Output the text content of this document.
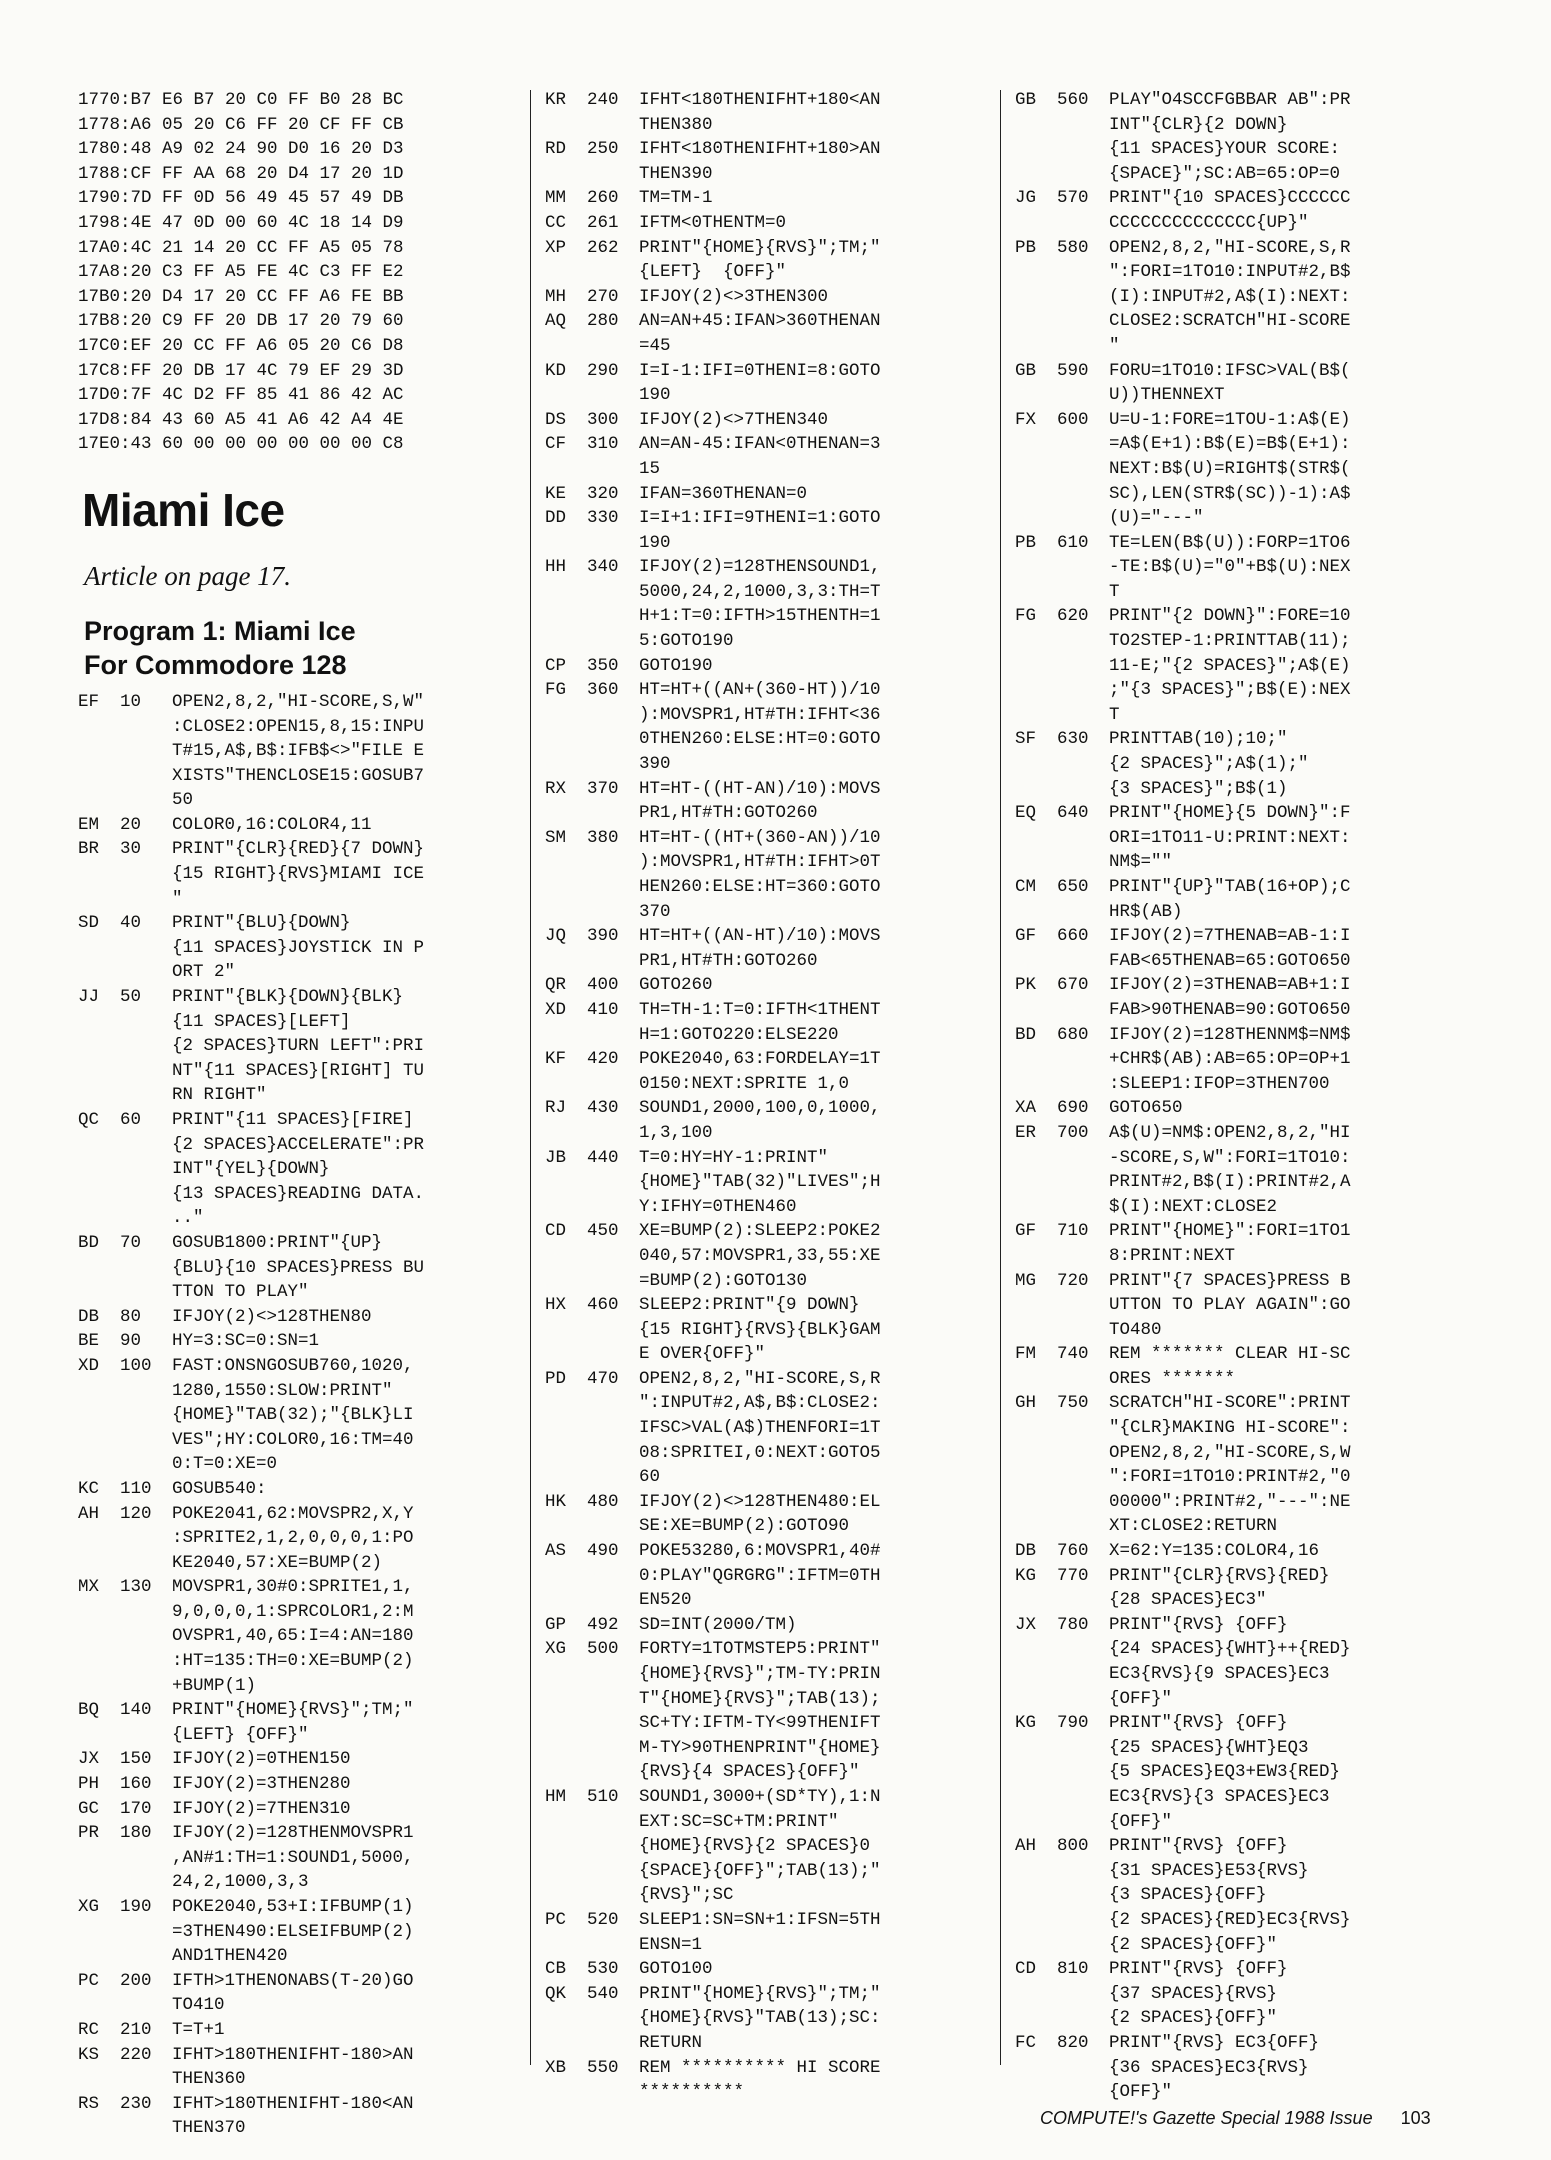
1770:B7 E6 B7 20 C0 FF B0 28 BC
1778:A6 05 20 C6 FF 20 CF FF CB
1780:48 A9 02 24 90 D0 16 20 D3
1788:CF FF AA 68 20 D4 17 20 1D
1790:7D FF 0D 56 49 45 57 49 DB
1798:4E 47 0D 00 60 4C 18 14 D9
17A0:4C 21 14 20 CC FF A5 05 78
17A8:20 C3 FF A5 FE 4C C3 FF E2
17B0:20 D4 17 20 CC FF A6 FE BB
17B8:20 C9 FF 20 DB 17 20 79 60
17C0:EF 20 CC FF A6 05 20 C6 D8
17C8:FF 20 DB 17 4C 79 EF 29 3D
17D0:7F 4C D2 FF 85 41 86 42 AC
17D8:84 43 60 A5 41 A6 42 A4 4E
17E0:43 60 00 00 00 00 00 00 C8
Miami Ice
Article on page 17.
Program 1: Miami Ice
For Commodore 128
EF	10	OPEN2,8,2,"HI-SCORE,S,W"
:CLOSE2:OPEN15,8,15:INPU
T#15,A$,B$:IFB$<>"FILE E
XISTS"THENCLOSE15:GOSUB7
50
EM	20	COLOR0,16:COLOR4,11
BR	30	PRINT"{CLR}{RED}{7 DOWN}
{15 RIGHT}{RVS}MIAMI ICE
"
SD	40	PRINT"{BLU}{DOWN}
{11 SPACES}JOYSTICK IN P
ORT 2"
JJ	50	PRINT"{BLK}{DOWN}{BLK}
{11 SPACES}[LEFT]
{2 SPACES}TURN LEFT":PRI
NT"{11 SPACES}[RIGHT] TU
RN RIGHT"
QC	60	PRINT"{11 SPACES}[FIRE]
{2 SPACES}ACCELERATE":PR
INT"{YEL}{DOWN}
{13 SPACES}READING DATA.
.."
BD	70	GOSUB1800:PRINT"{UP}
{BLU}{10 SPACES}PRESS BU
TTON TO PLAY"
DB	80	IFJOY(2)<>128THEN80
BE	90	HY=3:SC=0:SN=1
XD	100	FAST:ONSNGOSUB760,1020,
1280,1550:SLOW:PRINT"
{HOME}"TAB(32);"{BLK}LI
VES";HY:COLOR0,16:TM=40
0:T=0:XE=0
KC	110	GOSUB540:
AH	120	POKE2041,62:MOVSPR2,X,Y
:SPRITE2,1,2,0,0,0,1:PO
KE2040,57:XE=BUMP(2)
MX	130	MOVSPR1,30#0:SPRITE1,1,
9,0,0,0,1:SPRCOLOR1,2:M
OVSPR1,40,65:I=4:AN=180
:HT=135:TH=0:XE=BUMP(2)
+BUMP(1)
BQ	140	PRINT"{HOME}{RVS}";TM;"
{LEFT} {OFF}"
JX	150	IFJOY(2)=0THEN150
PH	160	IFJOY(2)=3THEN280
GC	170	IFJOY(2)=7THEN310
PR	180	IFJOY(2)=128THENMOVSPR1
,AN#1:TH=1:SOUND1,5000,
24,2,1000,3,3
XG	190	POKE2040,53+I:IFBUMP(1)
=3THEN490:ELSEIFBUMP(2)
AND1THEN420
PC	200	IFTH>1THENONABS(T-20)GO
TO410
RC	210	T=T+1
KS	220	IFHT>180THENIFHT-180>AN
THEN360
RS	230	IFHT>180THENIFHT-180<AN
THEN370
KR	240	IFHT<180THENIFHT+180<AN
THEN380
RD	250	IFHT<180THENIFHT+180>AN
THEN390
MM	260	TM=TM-1
CC	261	IFTM<0THENTM=0
XP	262	PRINT"{HOME}{RVS}";TM;"
{LEFT}  {OFF}"
MH	270	IFJOY(2)<>3THEN300
AQ	280	AN=AN+45:IFAN>360THENAN
=45
KD	290	I=I-1:IFI=0THENI=8:GOTO
190
DS	300	IFJOY(2)<>7THEN340
CF	310	AN=AN-45:IFAN<0THENAN=3
15
KE	320	IFAN=360THENAN=0
DD	330	I=I+1:IFI=9THENI=1:GOTO
190
HH	340	IFJOY(2)=128THENSOUND1,
5000,24,2,1000,3,3:TH=T
H+1:T=0:IFTH>15THENTH=1
5:GOTO190
CP	350	GOTO190
FG	360	HT=HT+((AN+(360-HT))/10
):MOVSPR1,HT#TH:IFHT<36
0THEN260:ELSE:HT=0:GOTO
390
RX	370	HT=HT-((HT-AN)/10):MOVS
PR1,HT#TH:GOTO260
SM	380	HT=HT-((HT+(360-AN))/10
):MOVSPR1,HT#TH:IFHT>0T
HEN260:ELSE:HT=360:GOTO
370
JQ	390	HT=HT+((AN-HT)/10):MOVS
PR1,HT#TH:GOTO260
QR	400	GOTO260
XD	410	TH=TH-1:T=0:IFTH<1THENT
H=1:GOTO220:ELSE220
KF	420	POKE2040,63:FORDELAY=1T
0150:NEXT:SPRITE 1,0
RJ	430	SOUND1,2000,100,0,1000,
1,3,100
JB	440	T=0:HY=HY-1:PRINT"
{HOME}"TAB(32)"LIVES";H
Y:IFHY=0THEN460
CD	450	XE=BUMP(2):SLEEP2:POKE2
040,57:MOVSPR1,33,55:XE
=BUMP(2):GOTO130
HX	460	SLEEP2:PRINT"{9 DOWN}
{15 RIGHT}{RVS}{BLK}GAM
E OVER{OFF}"
PD	470	OPEN2,8,2,"HI-SCORE,S,R
":INPUT#2,A$,B$:CLOSE2:
IFSC>VAL(A$)THENFORI=1T
08:SPRITEI,0:NEXT:GOTO5
60
HK	480	IFJOY(2)<>128THEN480:EL
SE:XE=BUMP(2):GOTO90
AS	490	POKE53280,6:MOVSPR1,40#
0:PLAY"QGRGRG":IFTM=0TH
EN520
GP	492	SD=INT(2000/TM)
XG	500	FORTY=1TOTMSTEP5:PRINT"
{HOME}{RVS}";TM-TY:PRIN
T"{HOME}{RVS}";TAB(13);
SC+TY:IFTM-TY<99THENIFT
M-TY>90THENPRINT"{HOME}
{RVS}{4 SPACES}{OFF}"
HM	510	SOUND1,3000+(SD*TY),1:N
EXT:SC=SC+TM:PRINT"
{HOME}{RVS}{2 SPACES}0
{SPACE}{OFF}";TAB(13);"
{RVS}";SC
PC	520	SLEEP1:SN=SN+1:IFSN=5TH
ENSN=1
CB	530	GOTO100
QK	540	PRINT"{HOME}{RVS}";TM;"
{HOME}{RVS}"TAB(13);SC:
RETURN
XB	550	REM ********** HI SCORE
**********
GB	560	PLAY"O4SCCFGBBAR AB":PR
INT"{CLR}{2 DOWN}
{11 SPACES}YOUR SCORE:
{SPACE}";SC:AB=65:OP=0
JG	570	PRINT"{10 SPACES}CCCCCC
CCCCCCCCCCCCCC{UP}"
PB	580	OPEN2,8,2,"HI-SCORE,S,R
":FORI=1TO10:INPUT#2,B$
(I):INPUT#2,A$(I):NEXT:
CLOSE2:SCRATCH"HI-SCORE
"
GB	590	FORU=1TO10:IFSC>VAL(B$(
U))THENNEXT
FX	600	U=U-1:FORE=1TOU-1:A$(E)
=A$(E+1):B$(E)=B$(E+1):
NEXT:B$(U)=RIGHT$(STR$(
SC),LEN(STR$(SC))-1):A$
(U)="---"
PB	610	TE=LEN(B$(U)):FORP=1TO6
-TE:B$(U)="0"+B$(U):NEX
T
FG	620	PRINT"{2 DOWN}":FORE=10
TO2STEP-1:PRINTTAB(11);
11-E;"{2 SPACES}";A$(E)
;"{3 SPACES}";B$(E):NEX
T
SF	630	PRINTTAB(10);10;"
{2 SPACES}";A$(1);"
{3 SPACES}";B$(1)
EQ	640	PRINT"{HOME}{5 DOWN}":F
ORI=1TO11-U:PRINT:NEXT:
NM$=""
CM	650	PRINT"{UP}"TAB(16+OP);C
HR$(AB)
GF	660	IFJOY(2)=7THENAB=AB-1:I
FAB<65THENAB=65:GOTO650
PK	670	IFJOY(2)=3THENAB=AB+1:I
FAB>90THENAB=90:GOTO650
BD	680	IFJOY(2)=128THENNM$=NM$
+CHR$(AB):AB=65:OP=OP+1
:SLEEP1:IFOP=3THEN700
XA	690	GOTO650
ER	700	A$(U)=NM$:OPEN2,8,2,"HI
-SCORE,S,W":FORI=1TO10:
PRINT#2,B$(I):PRINT#2,A
$(I):NEXT:CLOSE2
GF	710	PRINT"{HOME}":FORI=1TO1
8:PRINT:NEXT
MG	720	PRINT"{7 SPACES}PRESS B
UTTON TO PLAY AGAIN":GO
TO480
FM	740	REM ******* CLEAR HI-SC
ORES *******
GH	750	SCRATCH"HI-SCORE":PRINT
"{CLR}MAKING HI-SCORE":
OPEN2,8,2,"HI-SCORE,S,W
":FORI=1TO10:PRINT#2,"0
00000":PRINT#2,"---":NE
XT:CLOSE2:RETURN
DB	760	X=62:Y=135:COLOR4,16
KG	770	PRINT"{CLR}{RVS}{RED}
{28 SPACES}EC3"
JX	780	PRINT"{RVS} {OFF}
{24 SPACES}{WHT}++{RED}
EC3{RVS}{9 SPACES}EC3
{OFF}"
KG	790	PRINT"{RVS} {OFF}
{25 SPACES}{WHT}EQ3
{5 SPACES}EQ3+EW3{RED}
EC3{RVS}{3 SPACES}EC3
{OFF}"
AH	800	PRINT"{RVS} {OFF}
{31 SPACES}E53{RVS}
{3 SPACES}{OFF}
{2 SPACES}{RED}EC3{RVS}
{2 SPACES}{OFF}"
CD	810	PRINT"{RVS} {OFF}
{37 SPACES}{RVS}
{2 SPACES}{OFF}"
FC	820	PRINT"{RVS} EC3{OFF}
{36 SPACES}EC3{RVS}
{OFF}"
COMPUTE!'s Gazette Special 1988 Issue 103
